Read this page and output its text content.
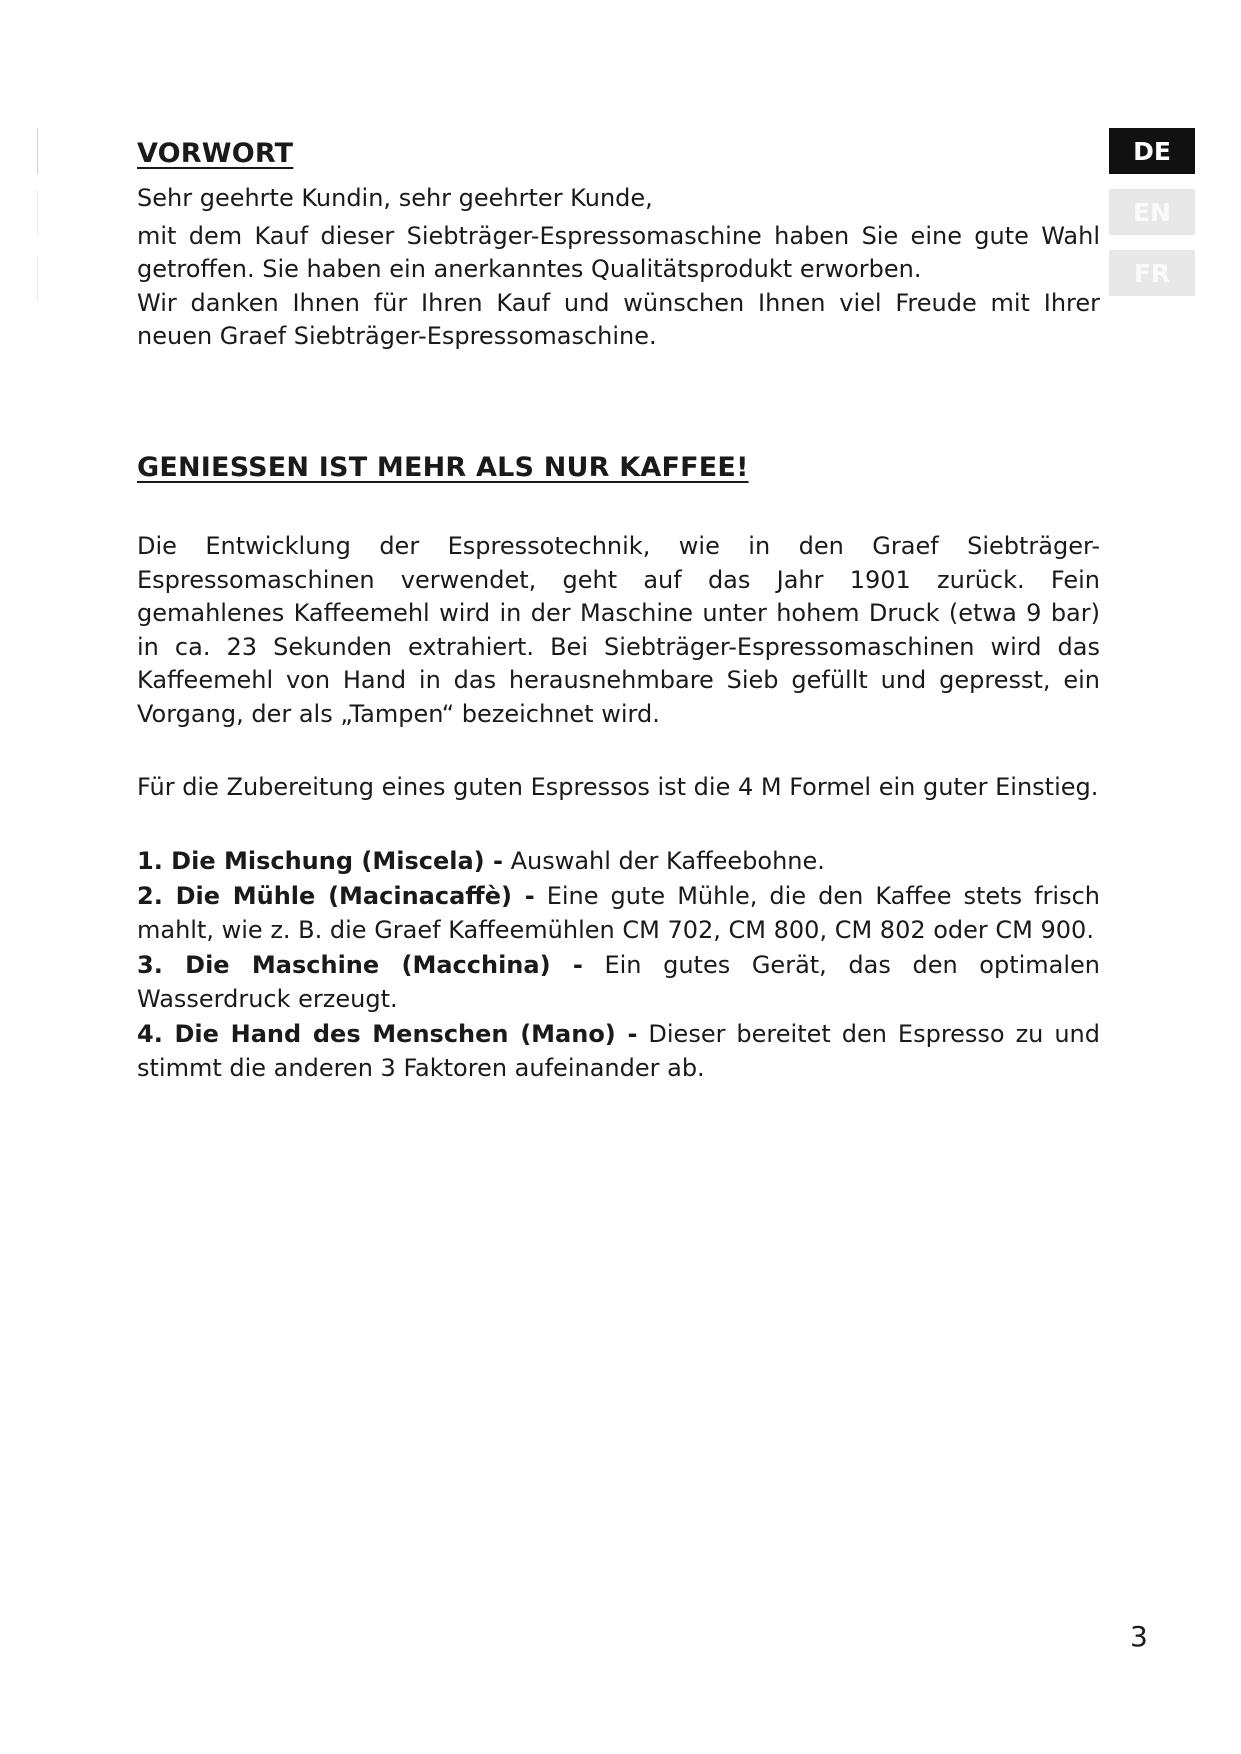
VORWORT

Sehr geehrte Kundin, sehr geehrter Kunde,

mit dem Kauf dieser Siebträger-Espressomaschine haben Sie eine gute Wahl getroffen. Sie haben ein anerkanntes Qualitätsprodukt erworben.

Wir danken Ihnen für Ihren Kauf und wünschen Ihnen viel Freude mit Ihrer neuen Graef Siebträger-Espressomaschine.

GENIESSEN IST MEHR ALS NUR KAFFEE!

Die Entwicklung der Espressotechnik, wie in den Graef Siebträger-Espressomaschinen verwendet, geht auf das Jahr 1901 zurück. Fein gemahlenes Kaffeemehl wird in der Maschine unter hohem Druck (etwa 9 bar) in ca. 23 Sekunden extrahiert. Bei Siebträger-Espressomaschinen wird das Kaffeemehl von Hand in das herausnehmbare Sieb gefüllt und gepresst, ein Vorgang, der als „Tampen“ bezeichnet wird.

Für die Zubereitung eines guten Espressos ist die 4 M Formel ein guter Einstieg.

1. Die Mischung (Miscela) - Auswahl der Kaffeebohne.

2. Die Mühle (Macinacaffè) - Eine gute Mühle, die den Kaffee stets frisch mahlt, wie z. B. die Graef Kaffeemühlen CM 702, CM 800, CM 802 oder CM 900.

3. Die Maschine (Macchina) - Ein gutes Gerät, das den optimalen Wasserdruck erzeugt.

4. Die Hand des Menschen (Mano) - Dieser bereitet den Espresso zu und stimmt die anderen 3 Faktoren aufeinander ab.

DE
EN
FR
3
